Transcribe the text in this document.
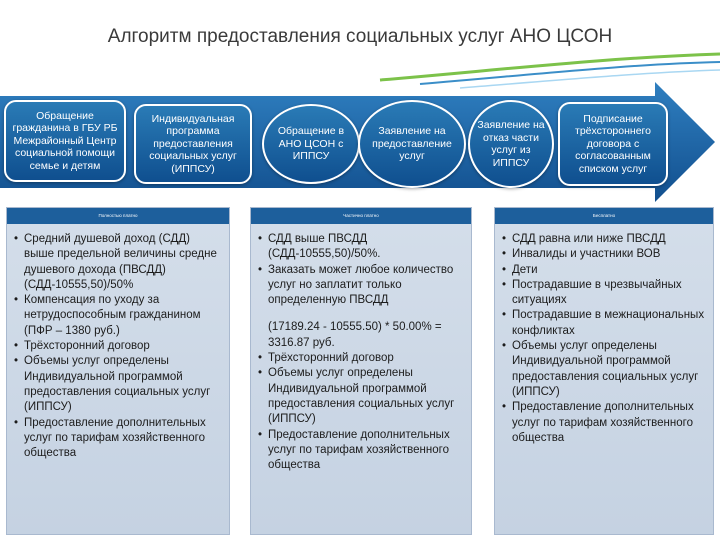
Алгоритм предоставления социальных услуг АНО ЦСОН
Обращение гражданина в ГБУ РБ Межрайонный Центр социальной помощи семье и детям
Индивидуальная программа предоставления социальных услуг (ИППСУ)
Обращение в АНО ЦСОН с ИППСУ
Заявление на предоставление услуг
Заявление на отказ части услуг из ИППСУ
Подписание трёхстороннего договора с согласованным списком услуг
Полностью платно
• Средний душевой доход (СДД) выше предельной величины средне душевого дохода (ПВСДД) (СДД-10555,50)/50%
• Компенсация по уходу за нетрудоспособным гражданином (ПФР – 1380 руб.)
• Трёхсторонний договор
• Объемы услуг определены Индивидуальной программой предоставления социальных услуг (ИППСУ)
• Предоставление дополнительных услуг по тарифам хозяйственного общества
Частично платно
• СДД выше ПВСДД (СДД-10555,50)/50%.
• Заказать может любое количество услуг но заплатит только определенную ПВСДД
(17189.24 - 10555.50) * 50.00% = 3316.87 руб.
• Трёхсторонний договор
• Объемы услуг определены Индивидуальной программой предоставления социальных услуг (ИППСУ)
• Предоставление дополнительных услуг по тарифам хозяйственного общества
Бесплатно
• СДД равна или ниже ПВСДД
• Инвалиды и участники ВОВ
• Дети
• Пострадавшие в чрезвычайных ситуациях
• Пострадавшие в межнациональных конфликтах
• Объемы услуг определены Индивидуальной программой предоставления социальных услуг (ИППСУ)
• Предоставление дополнительных услуг по тарифам хозяйственного общества
